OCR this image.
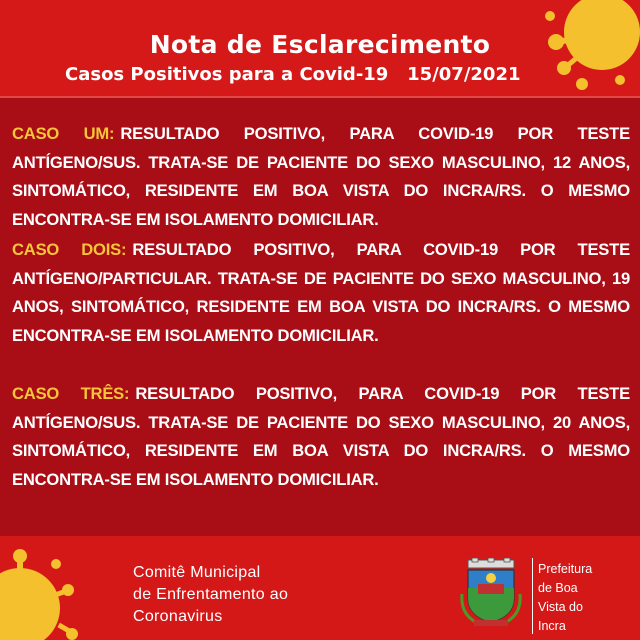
Nota de Esclarecimento
Casos Positivos para a Covid-19 15/07/2021
CASO UM: RESULTADO POSITIVO, PARA COVID-19 POR TESTE ANTÍGENO/SUS. TRATA-SE DE PACIENTE DO SEXO MASCULINO, 12 ANOS, SINTOMÁTICO, RESIDENTE EM BOA VISTA DO INCRA/RS. O MESMO ENCONTRA-SE EM ISOLAMENTO DOMICILIAR.
CASO DOIS: RESULTADO POSITIVO, PARA COVID-19 POR TESTE ANTÍGENO/PARTICULAR. TRATA-SE DE PACIENTE DO SEXO MASCULINO, 19 ANOS, SINTOMÁTICO, RESIDENTE EM BOA VISTA DO INCRA/RS. O MESMO ENCONTRA-SE EM ISOLAMENTO DOMICILIAR.
CASO TRÊS: RESULTADO POSITIVO, PARA COVID-19 POR TESTE ANTÍGENO/SUS. TRATA-SE DE PACIENTE DO SEXO MASCULINO, 20 ANOS, SINTOMÁTICO, RESIDENTE EM BOA VISTA DO INCRA/RS. O MESMO ENCONTRA-SE EM ISOLAMENTO DOMICILIAR.
Comitê Municipal
de Enfrentamento ao
Coronavirus
Prefeitura
de Boa
Vista do
Incra
